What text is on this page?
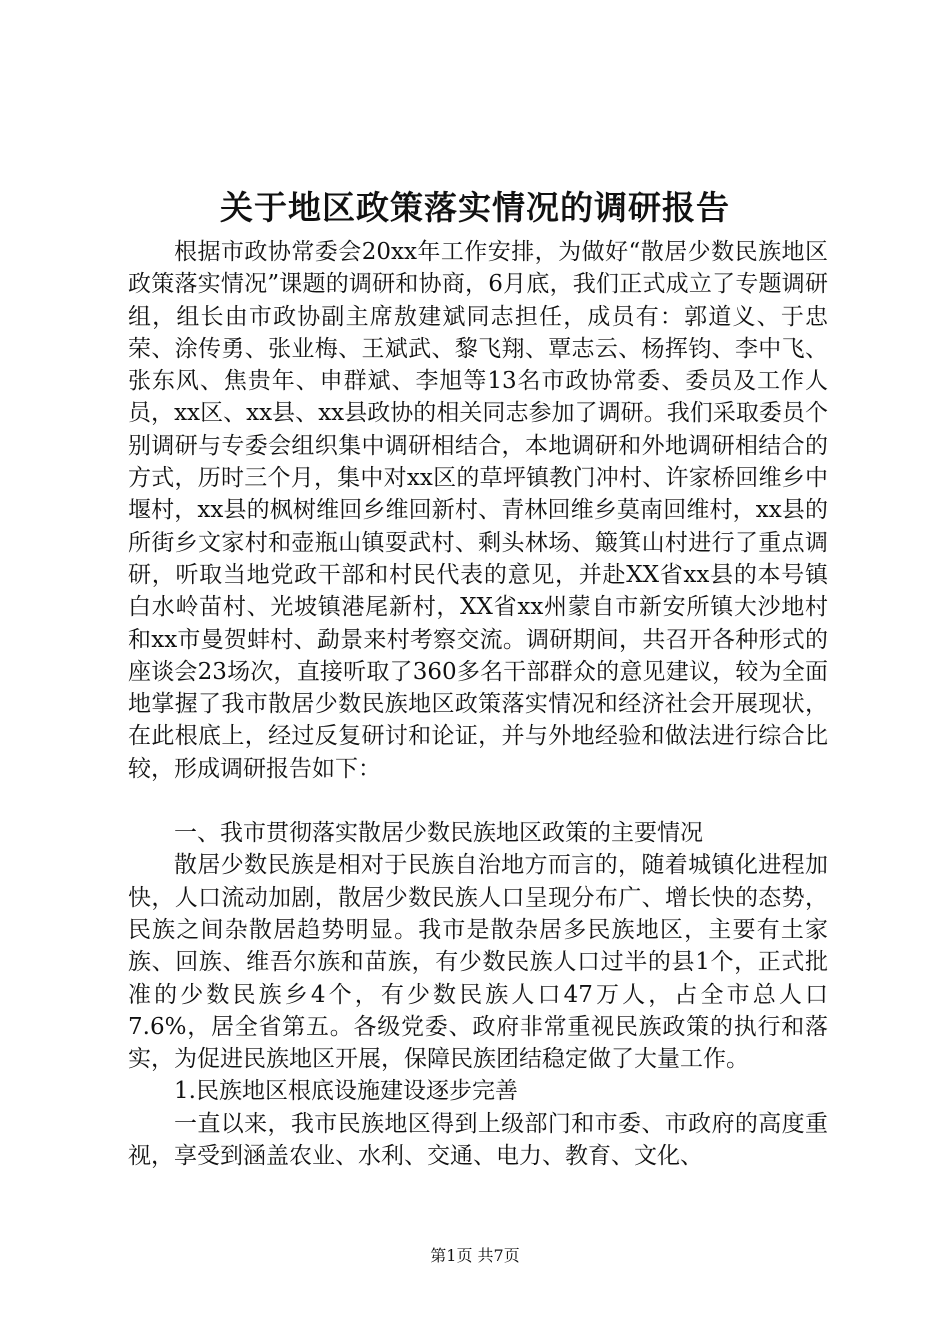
关于地区政策落实情况的调研报告

根据市政协常委会20xx年工作安排，为做好“散居少数民族地区政策落实情况”课题的调研和协商，6月底，我们正式成立了专题调研组，组长由市政协副主席敖建斌同志担任，成员有：郭道义、于忠荣、涂传勇、张业梅、王斌武、黎飞翔、覃志云、杨挥钧、李中飞、张东风、焦贵年、申群斌、李旭等13名市政协常委、委员及工作人员，xx区、xx县、xx县政协的相关同志参加了调研。我们采取委员个别调研与专委会组织集中调研相结合，本地调研和外地调研相结合的方式，历时三个月，集中对xx区的草坪镇教门冲村、许家桥回维乡中堰村，xx县的枫树维回乡维回新村、青林回维乡莫南回维村，xx县的所街乡文家村和壶瓶山镇耍武村、剩头林场、簸箕山村进行了重点调研，听取当地党政干部和村民代表的意见，并赴XX省xx县的本号镇白水岭苗村、光坡镇港尾新村，XX省xx州蒙自市新安所镇大沙地村和xx市曼贺蚌村、勐景来村考察交流。调研期间，共召开各种形式的座谈会23场次，直接听取了360多名干部群众的意见建议，较为全面地掌握了我市散居少数民族地区政策落实情况和经济社会开展现状，在此根底上，经过反复研讨和论证，并与外地经验和做法进行综合比较，形成调研报告如下：

一、我市贯彻落实散居少数民族地区政策的主要情况

散居少数民族是相对于民族自治地方而言的，随着城镇化进程加快，人口流动加剧，散居少数民族人口呈现分布广、增长快的态势，民族之间杂散居趋势明显。我市是散杂居多民族地区，主要有土家族、回族、维吾尔族和苗族，有少数民族人口过半的县1个，正式批准的少数民族乡4个，有少数民族人口47万人，占全市总人口7.6%，居全省第五。各级党委、政府非常重视民族政策的执行和落实，为促进民族地区开展，保障民族团结稳定做了大量工作。

1.民族地区根底设施建设逐步完善

一直以来，我市民族地区得到上级部门和市委、市政府的高度重视，享受到涵盖农业、水利、交通、电力、教育、文化、

第1页 共7页
